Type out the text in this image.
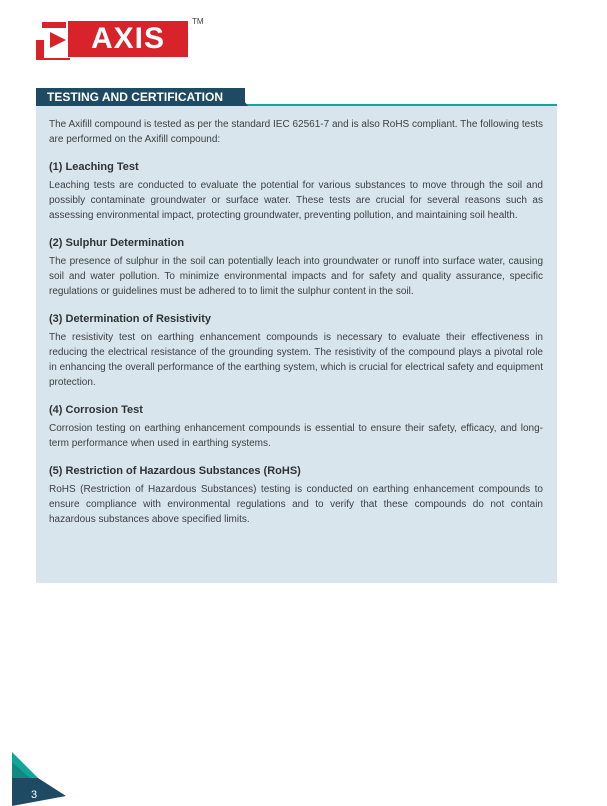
AXIS
TM
TESTING AND CERTIFICATION

The Axifill compound is tested as per the standard IEC 62561-7 and is also RoHS compliant. The following tests are performed on the Axifill compound:

(1) Leaching Test

Leaching tests are conducted to evaluate the potential for various substances to move through the soil and possibly contaminate groundwater or surface water. These tests are crucial for several reasons such as assessing environmental impact, protecting groundwater, preventing pollution, and maintaining soil health.

(2) Sulphur Determination

The presence of sulphur in the soil can potentially leach into groundwater or runoff into surface water, causing soil and water pollution. To minimize environmental impacts and for safety and quality assurance, specific regulations or guidelines must be adhered to to limit the sulphur content in the soil.

(3) Determination of Resistivity

The resistivity test on earthing enhancement compounds is necessary to evaluate their effectiveness in reducing the electrical resistance of the grounding system. The resistivity of the compound plays a pivotal role in enhancing the overall performance of the earthing system, which is crucial for electrical safety and equipment protection.

(4) Corrosion Test

Corrosion testing on earthing enhancement compounds is essential to ensure their safety, efficacy, and long-term performance when used in earthing systems.

(5) Restriction of Hazardous Substances (RoHS)

RoHS (Restriction of Hazardous Substances) testing is conducted on earthing enhancement compounds to ensure compliance with environmental regulations and to verify that these compounds do not contain hazardous substances above specified limits.

3
